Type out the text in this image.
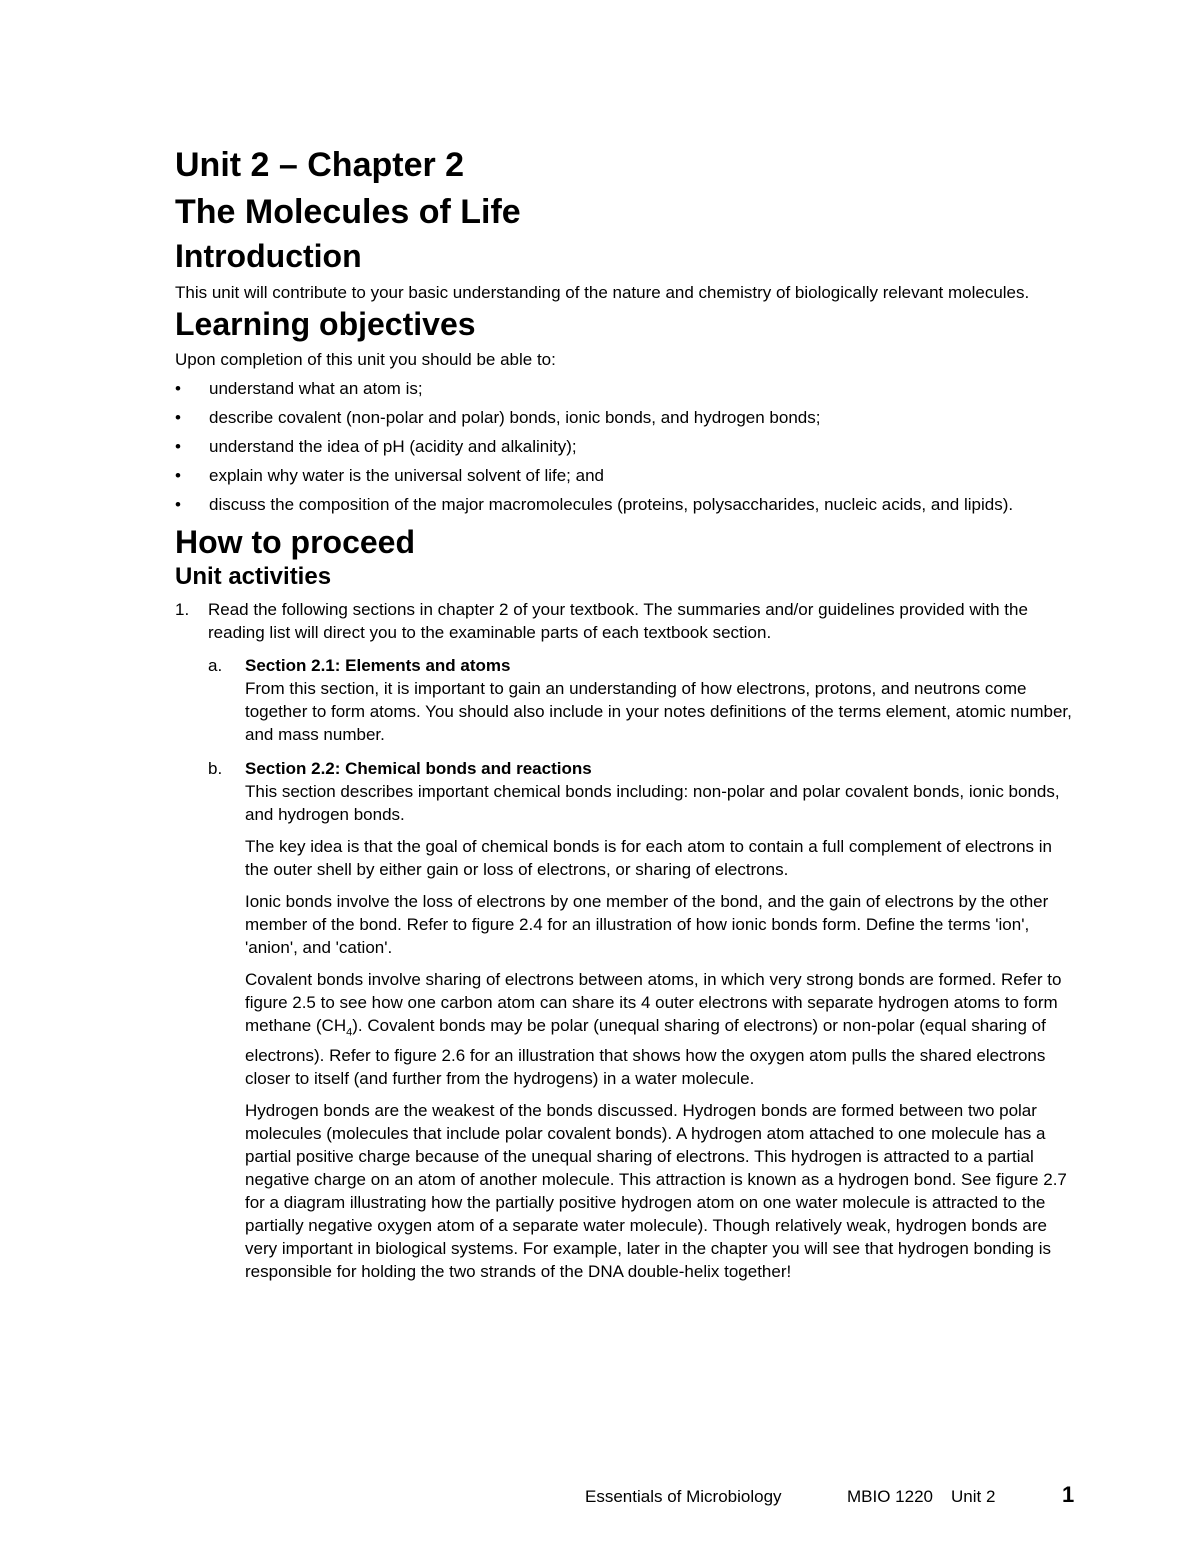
Unit 2 – Chapter 2
The Molecules of Life
Introduction

This unit will contribute to your basic understanding of the nature and chemistry of biologically relevant molecules.

Learning objectives

Upon completion of this unit you should be able to:

•	understand what an atom is;
•	describe covalent (non-polar and polar) bonds, ionic bonds, and hydrogen bonds;
•	understand the idea of pH (acidity and alkalinity);
•	explain why water is the universal solvent of life; and
•	discuss the composition of the major macromolecules (proteins, polysaccharides, nucleic acids, and lipids).
How to proceed
Unit activities
1. Read the following sections in chapter 2 of your textbook. The summaries and/or guidelines provided with the reading list will direct you to the examinable parts of each textbook section.
a. Section 2.1: Elements and atoms
From this section, it is important to gain an understanding of how electrons, protons, and neutrons come together to form atoms. You should also include in your notes definitions of the terms element, atomic number, and mass number.
b. Section 2.2: Chemical bonds and reactions
This section describes important chemical bonds including: non-polar and polar covalent bonds, ionic bonds, and hydrogen bonds.

The key idea is that the goal of chemical bonds is for each atom to contain a full complement of electrons in the outer shell by either gain or loss of electrons, or sharing of electrons.

Ionic bonds involve the loss of electrons by one member of the bond, and the gain of electrons by the other member of the bond. Refer to figure 2.4 for an illustration of how ionic bonds form. Define the terms 'ion', 'anion', and 'cation'.

Covalent bonds involve sharing of electrons between atoms, in which very strong bonds are formed. Refer to figure 2.5 to see how one carbon atom can share its 4 outer electrons with separate hydrogen atoms to form methane $(CH_4)$. Covalent bonds may be polar (unequal sharing of electrons) or non-polar (equal sharing of electrons). Refer to figure 2.6 for an illustration that shows how the oxygen atom pulls the shared electrons closer to itself (and further from the hydrogens) in a water molecule.

Hydrogen bonds are the weakest of the bonds discussed. Hydrogen bonds are formed between two polar molecules (molecules that include polar covalent bonds). A hydrogen atom attached to one molecule has a partial positive charge because of the unequal sharing of electrons. This hydrogen is attracted to a partial negative charge on an atom of another molecule. This attraction is known as a hydrogen bond. See figure 2.7 for a diagram illustrating how the partially positive hydrogen atom on one water molecule is attracted to the partially negative oxygen atom of a separate water molecule). Though relatively weak, hydrogen bonds are very important in biological systems. For example, later in the chapter you will see that hydrogen bonding is responsible for holding the two strands of the DNA double-helix together!

Essentials of Microbiology	MBIO 1220 Unit 2	1
